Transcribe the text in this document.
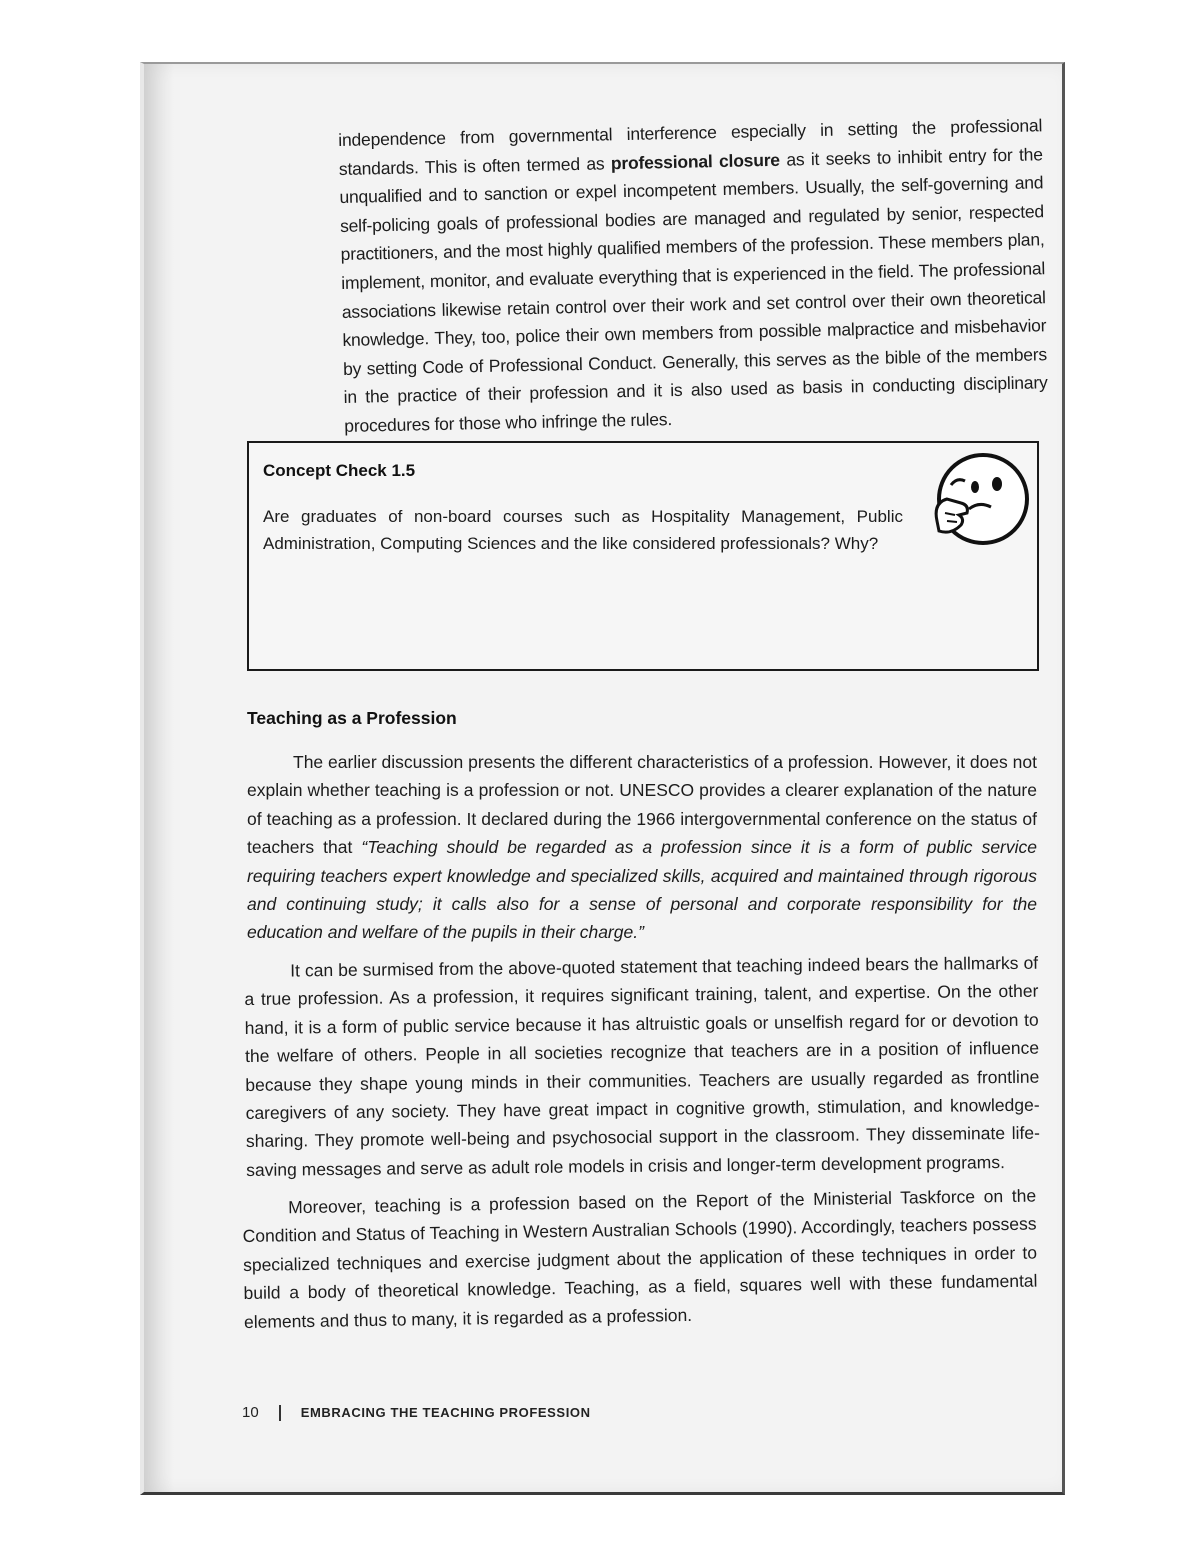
independence from governmental interference especially in setting the professional standards. This is often termed as professional closure as it seeks to inhibit entry for the unqualified and to sanction or expel incompetent members. Usually, the self-governing and self-policing goals of professional bodies are managed and regulated by senior, respected practitioners, and the most highly qualified members of the profession. These members plan, implement, monitor, and evaluate everything that is experienced in the field. The professional associations likewise retain control over their work and set control over their own theoretical knowledge. They, too, police their own members from possible malpractice and misbehavior by setting Code of Professional Conduct. Generally, this serves as the bible of the members in the practice of their profession and it is also used as basis in conducting disciplinary procedures for those who infringe the rules.

Concept Check 1.5

Are graduates of non-board courses such as Hospitality Management, Public Administration, Computing Sciences and the like considered professionals? Why?

Teaching as a Profession

The earlier discussion presents the different characteristics of a profession. However, it does not explain whether teaching is a profession or not. UNESCO provides a clearer explanation of the nature of teaching as a profession. It declared during the 1966 intergovernmental conference on the status of teachers that “Teaching should be regarded as a profession since it is a form of public service requiring teachers expert knowledge and specialized skills, acquired and maintained through rigorous and continuing study; it calls also for a sense of personal and corporate responsibility for the education and welfare of the pupils in their charge.”

It can be surmised from the above-quoted statement that teaching indeed bears the hallmarks of a true profession. As a profession, it requires significant training, talent, and expertise. On the other hand, it is a form of public service because it has altruistic goals or unselfish regard for or devotion to the welfare of others. People in all societies recognize that teachers are in a position of influence because they shape young minds in their communities. Teachers are usually regarded as frontline caregivers of any society. They have great impact in cognitive growth, stimulation, and knowledge-sharing. They promote well-being and psychosocial support in the classroom. They disseminate life-saving messages and serve as adult role models in crisis and longer-term development programs.

Moreover, teaching is a profession based on the Report of the Ministerial Taskforce on the Condition and Status of Teaching in Western Australian Schools (1990). Accordingly, teachers possess specialized techniques and exercise judgment about the application of these techniques in order to build a body of theoretical knowledge. Teaching, as a field, squares well with these fundamental elements and thus to many, it is regarded as a profession.

10	EMBRACING THE TEACHING PROFESSION
